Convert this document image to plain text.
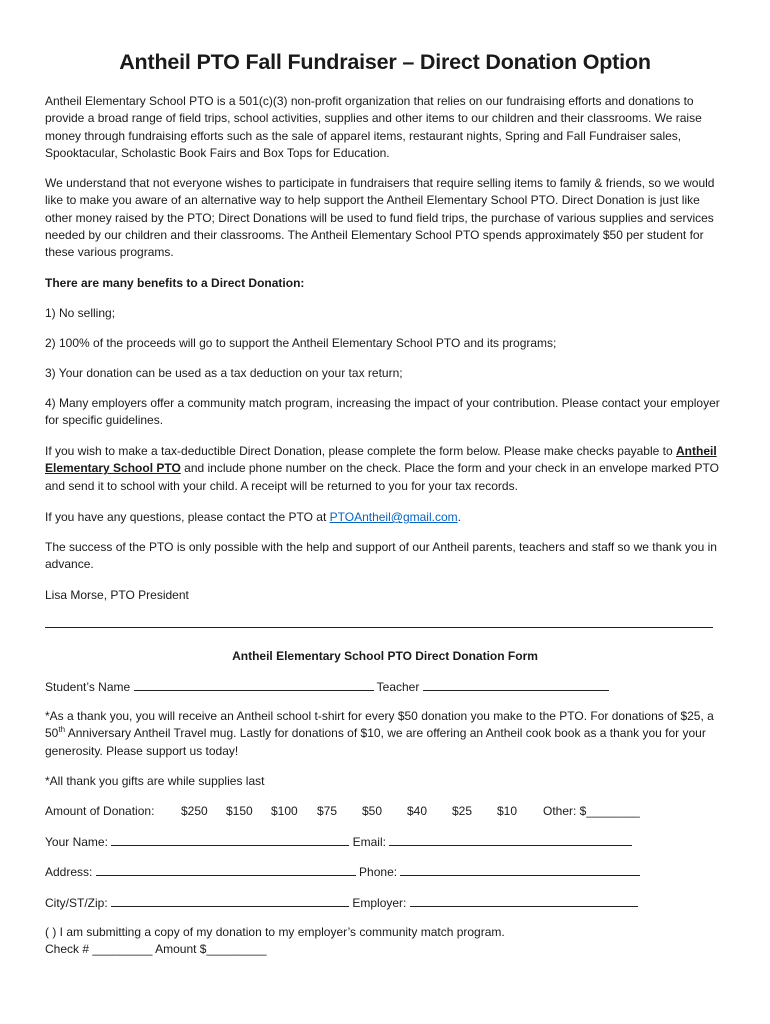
Antheil PTO Fall Fundraiser – Direct Donation Option

Antheil Elementary School PTO is a 501(c)(3) non-profit organization that relies on our fundraising efforts and donations to provide a broad range of field trips, school activities, supplies and other items to our children and their classrooms. We raise money through fundraising efforts such as the sale of apparel items, restaurant nights, Spring and Fall Fundraiser sales, Spooktacular, Scholastic Book Fairs and Box Tops for Education.

We understand that not everyone wishes to participate in fundraisers that require selling items to family & friends, so we would like to make you aware of an alternative way to help support the Antheil Elementary School PTO. Direct Donation is just like other money raised by the PTO; Direct Donations will be used to fund field trips, the purchase of various supplies and services needed by our children and their classrooms. The Antheil Elementary School PTO spends approximately $50 per student for these various programs.

There are many benefits to a Direct Donation:

1) No selling;

2) 100% of the proceeds will go to support the Antheil Elementary School PTO and its programs;

3) Your donation can be used as a tax deduction on your tax return;

4) Many employers offer a community match program, increasing the impact of your contribution. Please contact your employer for specific guidelines.

If you wish to make a tax-deductible Direct Donation, please complete the form below. Please make checks payable to Antheil Elementary School PTO and include phone number on the check. Place the form and your check in an envelope marked PTO and send it to school with your child. A receipt will be returned to you for your tax records.

If you have any questions, please contact the PTO at PTOAntheil@gmail.com.

The success of the PTO is only possible with the help and support of our Antheil parents, teachers and staff so we thank you in advance.

Lisa Morse, PTO President

Antheil Elementary School PTO Direct Donation Form

Student’s Name	Teacher

*As a thank you, you will receive an Antheil school t-shirt for every $50 donation you make to the PTO. For donations of $25, a 50th Anniversary Antheil Travel mug. Lastly for donations of $10, we are offering an Antheil cook book as a thank you for your generosity. Please support us today!

*All thank you gifts are while supplies last

Amount of Donation: $250 $150 $100 $75 $50 $40 $25 $10 Other: $________

Your Name:	Email:

Address:	Phone:

City/ST/Zip:	Employer:

( ) I am submitting a copy of my donation to my employer’s community match program.

Check # _________ Amount $_________
